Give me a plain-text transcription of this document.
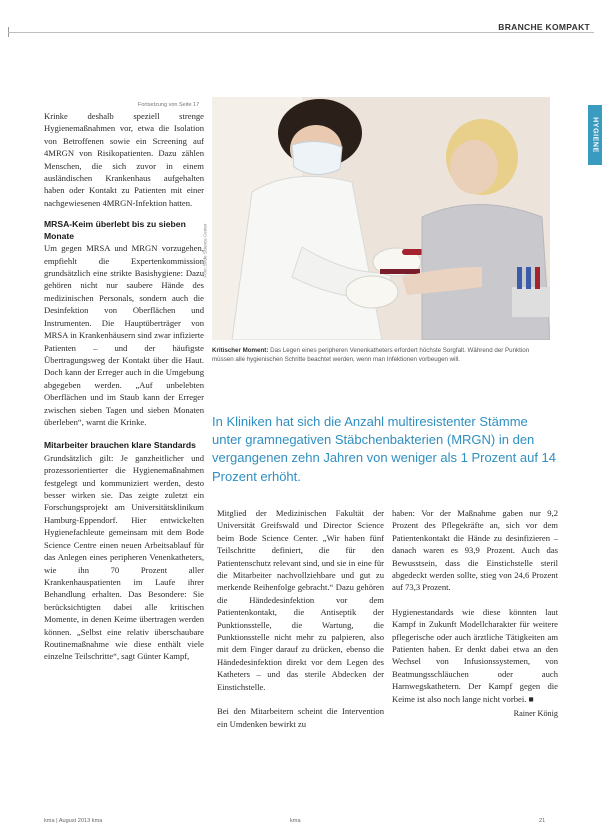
BRANCHE KOMPAKT
HYGIENE
Fortsetzung von Seite 17

Krinke deshalb speziell strenge Hygienemaßnahmen vor, etwa die Isolation von Betroffenen sowie ein Screening auf 4MRGN von Risikopatienten. Dazu zählen Menschen, die sich zuvor in einem ausländischen Krankenhaus aufgehalten haben oder Kontakt zu Patienten mit einer nachgewiesenen 4MRGN-Infektion hatten.

MRSA-Keim überlebt bis zu sieben Monate

Um gegen MRSA und MRGN vorzugehen, empfiehlt die Expertenkommission grundsätzlich eine strikte Basishygiene: Dazu gehören nicht nur saubere Hände des medizinischen Personals, sondern auch die Desinfektion von Oberflächen und Instrumenten. Die Hauptüberträger von MRSA in Krankenhäusern sind zwar infizierte Patienten – und der häufigste Übertragungsweg der Kontakt über die Haut. Doch kann der Erreger auch in die Umgebung abgegeben werden. „Auf unbelebten Oberflächen und im Staub kann der Erreger zwischen sieben Tagen und sieben Monaten überleben“, warnt die Krinke.

Mitarbeiter brauchen klare Standards

Grundsätzlich gilt: Je ganzheitlicher und prozessorientierter die Hygienemaßnahmen festgelegt und kommuniziert werden, desto besser wirken sie. Das zeigte zuletzt ein Forschungsprojekt am Universitätsklinikum Hamburg-Eppendorf. Hier entwickelten Hygienefachleute gemeinsam mit dem Bode Science Centre einen neuen Arbeitsablauf für das Anlegen eines peripheren Venenkatheters, wie ihn 70 Prozent aller Krankenhauspatienten im Laufe ihrer Behandlung erhalten. Das Besondere: Sie berücksichtigten dabei alle kritischen Momente, in denen Keime übertragen werden können. „Selbst eine relativ überschaubare Routinemaßnahme wie diese enthält viele einzelne Teilschritte“, sagt Günter Kampf,

Foto: Bode Science Center
Kritischer Moment: Das Legen eines peripheren Venenkatheters erfordert höchste Sorgfalt. Während der Punktion müssen alle hygienischen Schritte beachtet werden, wenn man Infektionen vorbeugen will.
In Kliniken hat sich die Anzahl multiresistenter Stämme unter gramnegativen Stäbchenbakterien (MRGN) in den vergangenen zehn Jahren von weniger als 1 Prozent auf 14 Prozent erhöht.

Mitglied der Medizinischen Fakultät der Universität Greifswald und Director Science beim Bode Science Center. „Wir haben fünf Teilschritte definiert, die für den Patientenschutz relevant sind, und sie in eine für die Mitarbeiter nachvollziehbare und gut zu merkende Reihenfolge gebracht.“ Dazu gehören die Händedesinfektion vor dem Patientenkontakt, die Antiseptik der Punktionsstelle, die Wartung, die Punktionsstelle nicht mehr zu palpieren, also mit dem Finger darauf zu drücken, ebenso die Händedesinfektion direkt vor dem Legen des Katheters – und das sterile Abdecken der Einstichstelle.

Bei den Mitarbeitern scheint die Intervention ein Umdenken bewirkt zu

haben: Vor der Maßnahme gaben nur 9,2 Prozent des Pflegekräfte an, sich vor dem Patientenkontakt die Hände zu desinfizieren – danach waren es 93,9 Prozent. Auch das Bewusstsein, dass die Einstichstelle steril abgedeckt werden sollte, stieg von 24,6 Prozent auf 73,3 Prozent.

Hygienestandards wie diese könnten laut Kampf in Zukunft Modellcharakter für weitere pflegerische oder auch ärztliche Tätigkeiten am Patienten haben. Er denkt dabei etwa an den Wechsel von Infusionssystemen, von Beatmungsschläuchen oder auch Harnwegskathetern. Der Kampf gegen die Keime ist also noch lange nicht vorbei. ■

Rainer König
kma | August 2013 kma	kma	21
